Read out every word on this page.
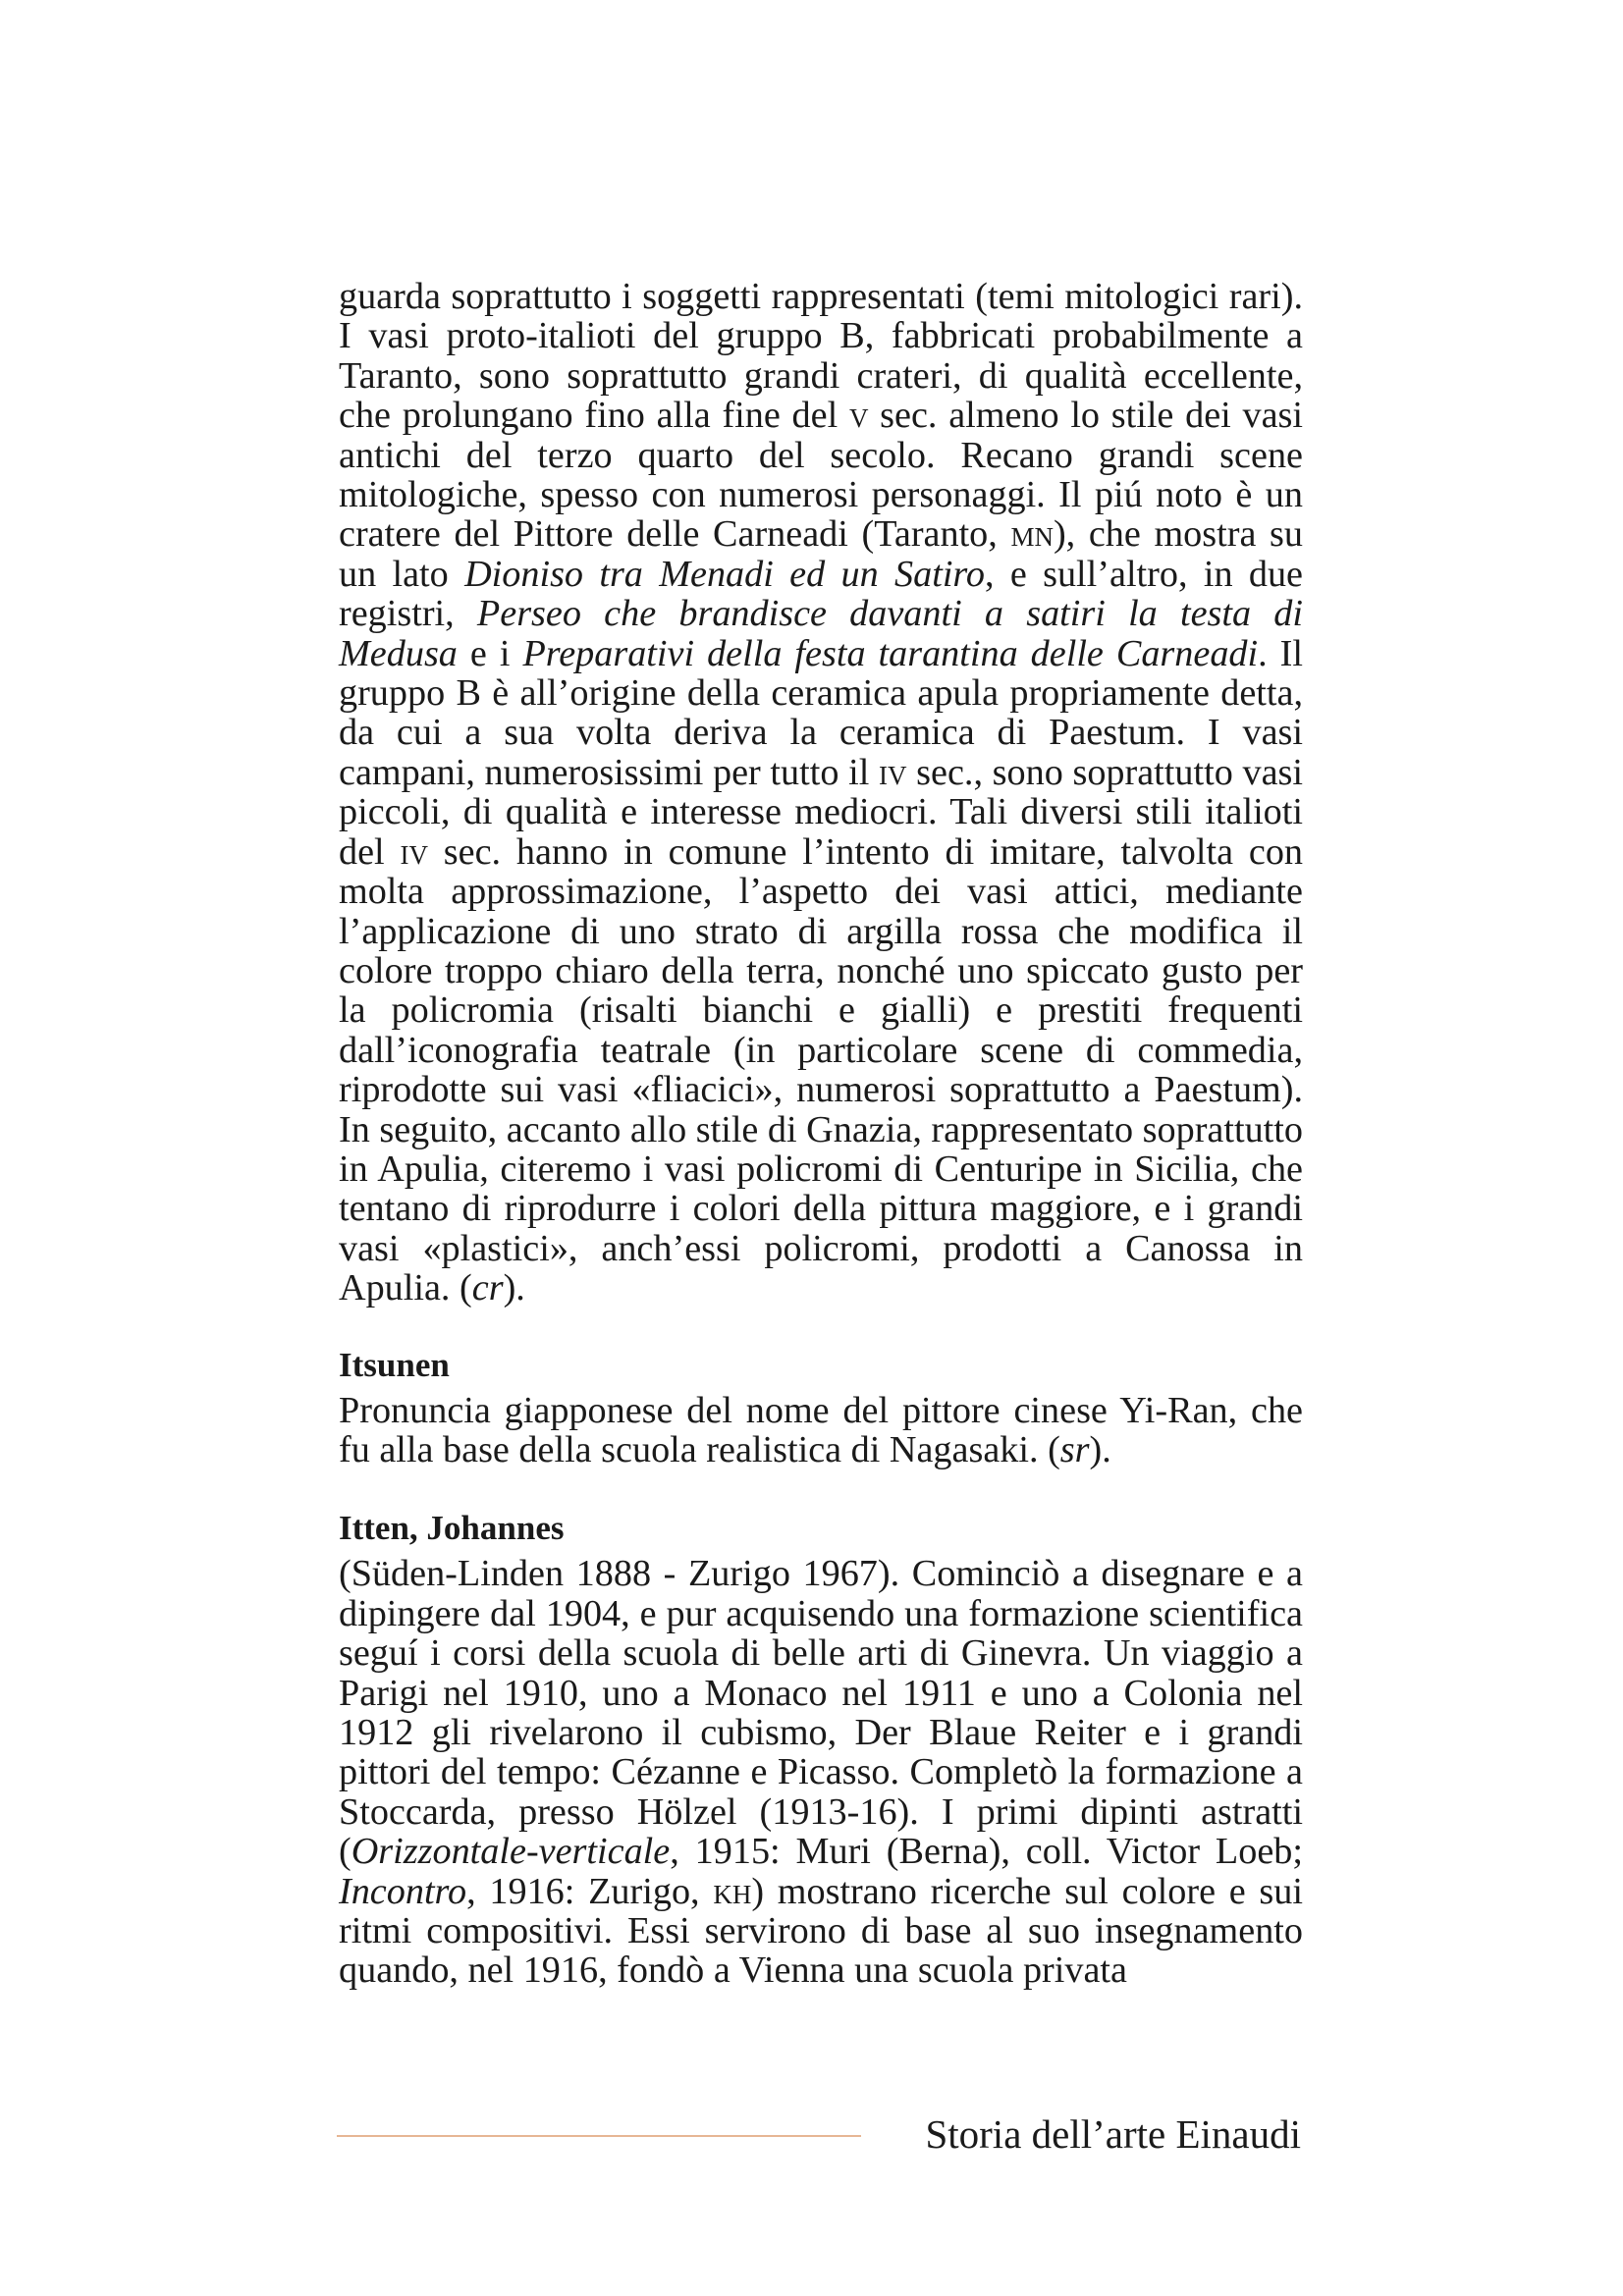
guarda soprattutto i soggetti rappresentati (temi mitologici rari). I vasi proto-italioti del gruppo B, fabbricati probabilmente a Taranto, sono soprattutto grandi crateri, di qualità eccellente, che prolungano fino alla fine del v sec. almeno lo stile dei vasi antichi del terzo quarto del secolo. Recano grandi scene mitologiche, spesso con numerosi personaggi. Il piú noto è un cratere del Pittore delle Carneadi (Taranto, mn), che mostra su un lato Dioniso tra Menadi ed un Satiro, e sull’altro, in due registri, Perseo che brandisce davanti a satiri la testa di Medusa e i Preparativi della festa tarantina delle Carneadi. Il gruppo B è all’origine della ceramica apula propriamente detta, da cui a sua volta deriva la ceramica di Paestum. I vasi campani, numerosissimi per tutto il iv sec., sono soprattutto vasi piccoli, di qualità e interesse mediocri. Tali diversi stili italioti del iv sec. hanno in comune l’intento di imitare, talvolta con molta approssimazione, l’aspetto dei vasi attici, mediante l’applicazione di uno strato di argilla rossa che modifica il colore troppo chiaro della terra, nonché uno spiccato gusto per la policromia (risalti bianchi e gialli) e prestiti frequenti dall’iconografia teatrale (in particolare scene di commedia, riprodotte sui vasi «fliacici», numerosi soprattutto a Paestum). In seguito, accanto allo stile di Gnazia, rappresentato soprattutto in Apulia, citeremo i vasi policromi di Centuripe in Sicilia, che tentano di riprodurre i colori della pittura maggiore, e i grandi vasi «plastici», anch’essi policromi, prodotti a Canossa in Apulia. (cr).

Itsunen

Pronuncia giapponese del nome del pittore cinese Yi-Ran, che fu alla base della scuola realistica di Nagasaki. (sr).

Itten, Johannes

(Süden-Linden 1888 - Zurigo 1967). Cominciò a disegnare e a dipingere dal 1904, e pur acquisendo una formazione scientifica seguí i corsi della scuola di belle arti di Ginevra. Un viaggio a Parigi nel 1910, uno a Monaco nel 1911 e uno a Colonia nel 1912 gli rivelarono il cubismo, Der Blaue Reiter e i grandi pittori del tempo: Cézanne e Picasso. Completò la formazione a Stoccarda, presso Hölzel (1913-16). I primi dipinti astratti (Orizzontale-verticale, 1915: Muri (Berna), coll. Victor Loeb; Incontro, 1916: Zurigo, kh) mostrano ricerche sul colore e sui ritmi compositivi. Essi servirono di base al suo insegnamento quando, nel 1916, fondò a Vienna una scuola privata

Storia dell’arte Einaudi
